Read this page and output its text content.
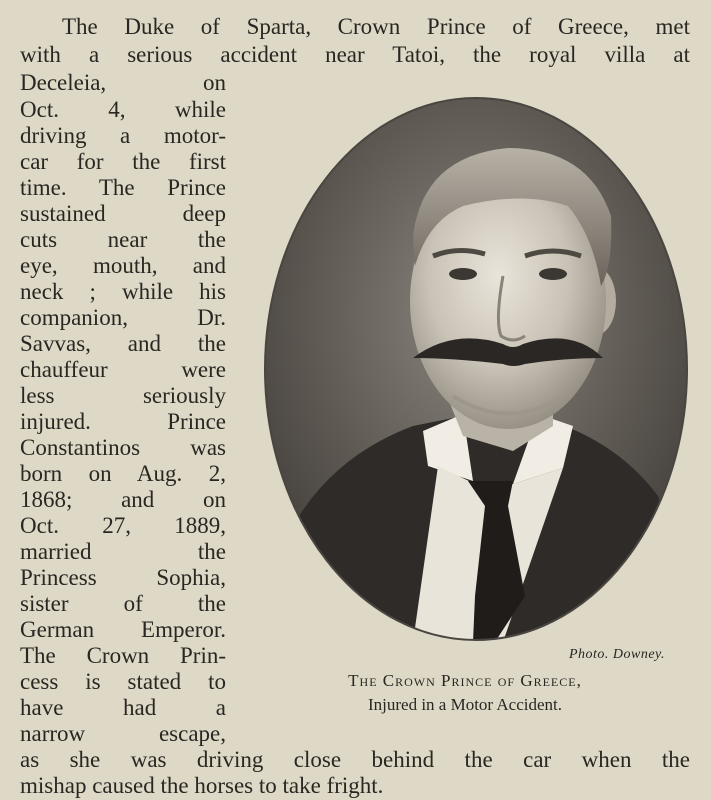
The Duke of Sparta, Crown Prince of Greece, met
with a serious accident near Tatoi, the royal villa at
Deceleia, on
Oct. 4, while
driving a motor-
car for the first
time. The Prince
sustained deep
cuts near the
eye, mouth, and
neck ; while his
companion, Dr.
Savvas, and the
chauffeur were
less seriously
injured. Prince
Constantinos was
born on Aug. 2,
1868; and on
Oct. 27, 1889,
married the
Princess Sophia,
sister of the
German Emperor.
The Crown Prin-
cess is stated to
have had a
narrow escape,
as she was driving close behind the car when the
mishap caused the horses to take fright.
Photo. Downey.
The Crown Prince of Greece,
Injured in a Motor Accident.
